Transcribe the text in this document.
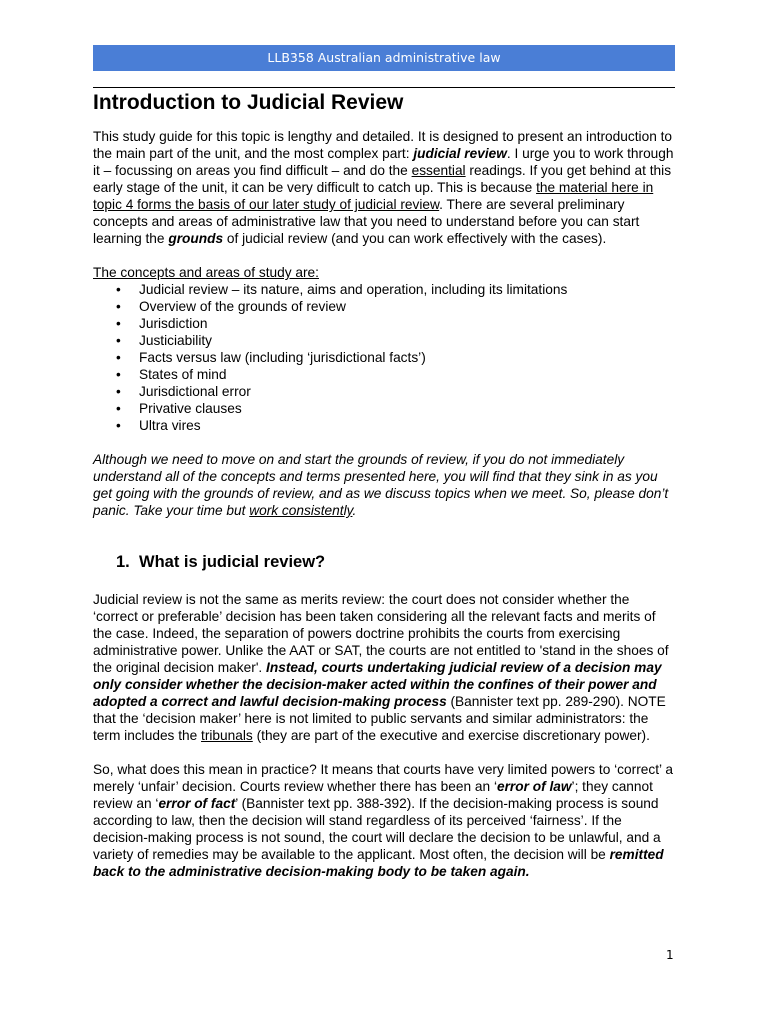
LLB358 Australian administrative law
Introduction to Judicial Review

This study guide for this topic is lengthy and detailed. It is designed to present an introduction to the main part of the unit, and the most complex part: judicial review. I urge you to work through it – focussing on areas you find difficult – and do the essential readings. If you get behind at this early stage of the unit, it can be very difficult to catch up. This is because the material here in topic 4 forms the basis of our later study of judicial review. There are several preliminary concepts and areas of administrative law that you need to understand before you can start learning the grounds of judicial review (and you can work effectively with the cases).

The concepts and areas of study are:

• Judicial review – its nature, aims and operation, including its limitations
• Overview of the grounds of review
• Jurisdiction
• Justiciability
• Facts versus law (including ‘jurisdictional facts’)
• States of mind
• Jurisdictional error
• Privative clauses
• Ultra vires

Although we need to move on and start the grounds of review, if you do not immediately understand all of the concepts and terms presented here, you will find that they sink in as you get going with the grounds of review, and as we discuss topics when we meet. So, please don’t panic. Take your time but work consistently.

1. What is judicial review?

Judicial review is not the same as merits review: the court does not consider whether the ‘correct or preferable’ decision has been taken considering all the relevant facts and merits of the case. Indeed, the separation of powers doctrine prohibits the courts from exercising administrative power. Unlike the AAT or SAT, the courts are not entitled to 'stand in the shoes of the original decision maker'. Instead, courts undertaking judicial review of a decision may only consider whether the decision-maker acted within the confines of their power and adopted a correct and lawful decision-making process (Bannister text pp. 289-290). NOTE that the ‘decision maker’ here is not limited to public servants and similar administrators: the term includes the tribunals (they are part of the executive and exercise discretionary power).

So, what does this mean in practice? It means that courts have very limited powers to ‘correct’ a merely ‘unfair’ decision. Courts review whether there has been an ‘error of law’; they cannot review an ‘error of fact’ (Bannister text pp. 388-392). If the decision-making process is sound according to law, then the decision will stand regardless of its perceived ‘fairness’. If the decision-making process is not sound, the court will declare the decision to be unlawful, and a variety of remedies may be available to the applicant. Most often, the decision will be remitted back to the administrative decision-making body to be taken again.

1
